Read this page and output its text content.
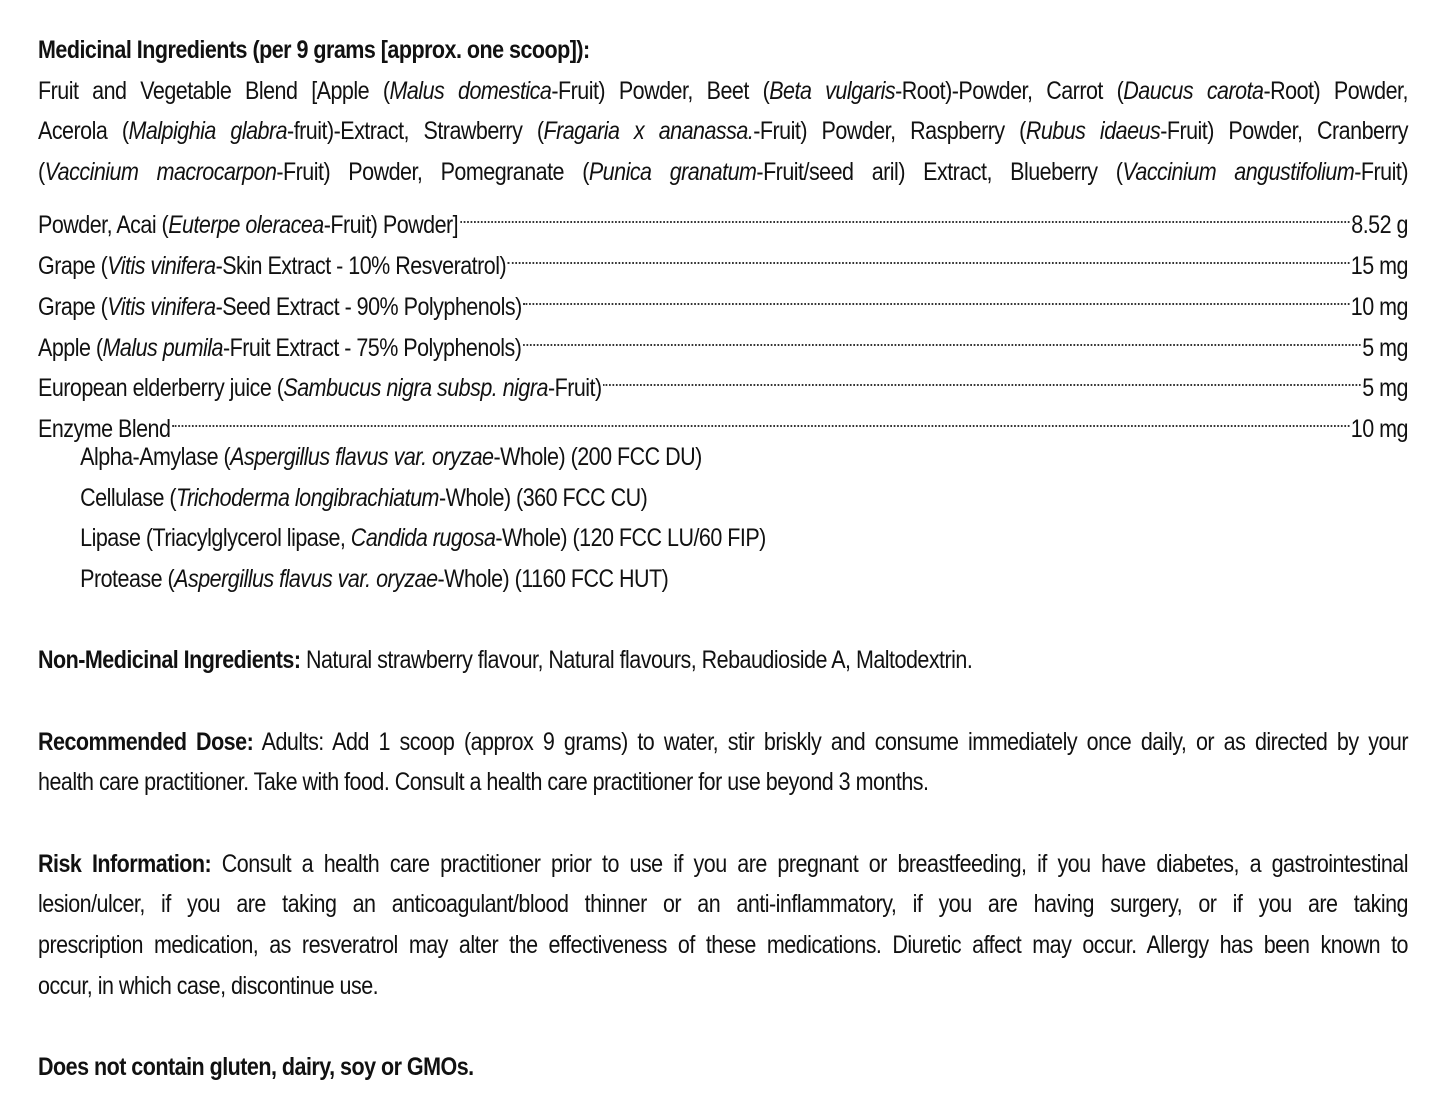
Medicinal Ingredients (per 9 grams [approx. one scoop]):
Fruit and Vegetable Blend [Apple (Malus domestica-Fruit) Powder, Beet (Beta vulgaris-Root)-Powder, Carrot (Daucus carota-Root) Powder,
Acerola (Malpighia glabra-fruit)-Extract, Strawberry (Fragaria x ananassa.-Fruit) Powder, Raspberry (Rubus idaeus-Fruit) Powder, Cranberry
(Vaccinium macrocarpon-Fruit) Powder, Pomegranate (Punica granatum-Fruit/seed aril) Extract, Blueberry (Vaccinium angustifolium-Fruit)
Powder, Acai (Euterpe oleracea-Fruit) Powder]	8.52 g
Grape (Vitis vinifera-Skin Extract - 10% Resveratrol)	15 mg
Grape (Vitis vinifera-Seed Extract - 90% Polyphenols)	10 mg
Apple (Malus pumila-Fruit Extract - 75% Polyphenols)	5 mg
European elderberry juice (Sambucus nigra subsp. nigra-Fruit)	5 mg
Enzyme Blend	10 mg
Alpha-Amylase (Aspergillus flavus var. oryzae-Whole) (200 FCC DU)
Cellulase (Trichoderma longibrachiatum-Whole) (360 FCC CU)
Lipase (Triacylglycerol lipase, Candida rugosa-Whole) (120 FCC LU/60 FIP)
Protease (Aspergillus flavus var. oryzae-Whole) (1160 FCC HUT)
Non-Medicinal Ingredients: Natural strawberry flavour, Natural flavours, Rebaudioside A, Maltodextrin.
Recommended Dose: Adults: Add 1 scoop (approx 9 grams) to water, stir briskly and consume immediately once daily, or as directed by your
health care practitioner. Take with food. Consult a health care practitioner for use beyond 3 months.
Risk Information: Consult a health care practitioner prior to use if you are pregnant or breastfeeding, if you have diabetes, a gastrointestinal
lesion/ulcer, if you are taking an anticoagulant/blood thinner or an anti-inflammatory, if you are having surgery, or if you are taking
prescription medication, as resveratrol may alter the effectiveness of these medications. Diuretic affect may occur. Allergy has been known to
occur, in which case, discontinue use.
Does not contain gluten, dairy, soy or GMOs.
